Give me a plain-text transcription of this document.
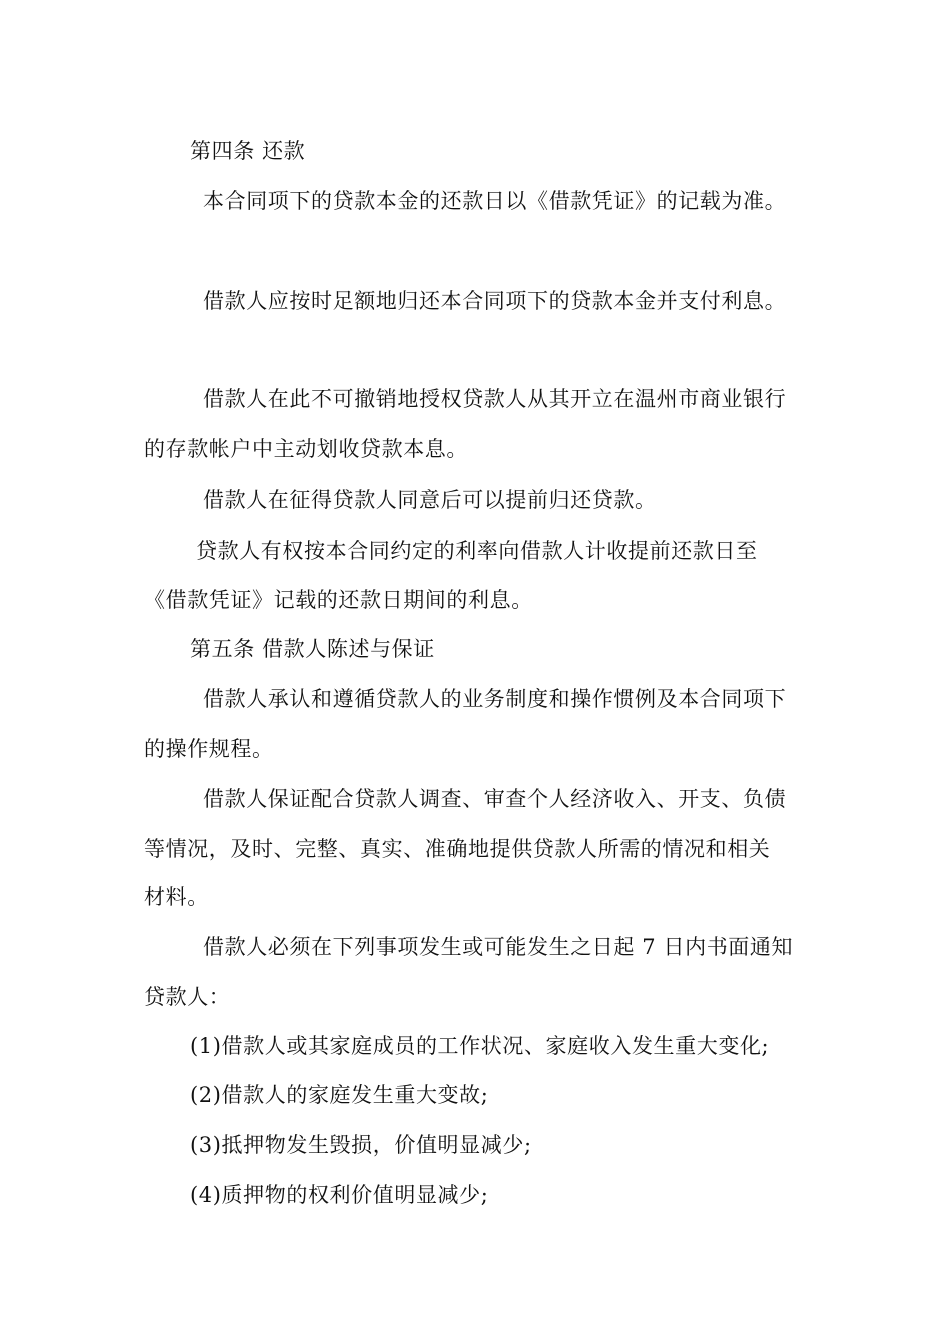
第四条 还款
本合同项下的贷款本金的还款日以《借款凭证》的记载为准。
借款人应按时足额地归还本合同项下的贷款本金并支付利息。
借款人在此不可撤销地授权贷款人从其开立在温州市商业银行
的存款帐户中主动划收贷款本息。
借款人在征得贷款人同意后可以提前归还贷款。
贷款人有权按本合同约定的利率向借款人计收提前还款日至
《借款凭证》记载的还款日期间的利息。
第五条 借款人陈述与保证
借款人承认和遵循贷款人的业务制度和操作惯例及本合同项下
的操作规程。
借款人保证配合贷款人调查、审查个人经济收入、开支、负债
等情况，及时、完整、真实、准确地提供贷款人所需的情况和相关
材料。
借款人必须在下列事项发生或可能发生之日起 7 日内书面通知
贷款人：
(1)借款人或其家庭成员的工作状况、家庭收入发生重大变化;
(2)借款人的家庭发生重大变故;
(3)抵押物发生毁损，价值明显减少;
(4)质押物的权利价值明显减少;
